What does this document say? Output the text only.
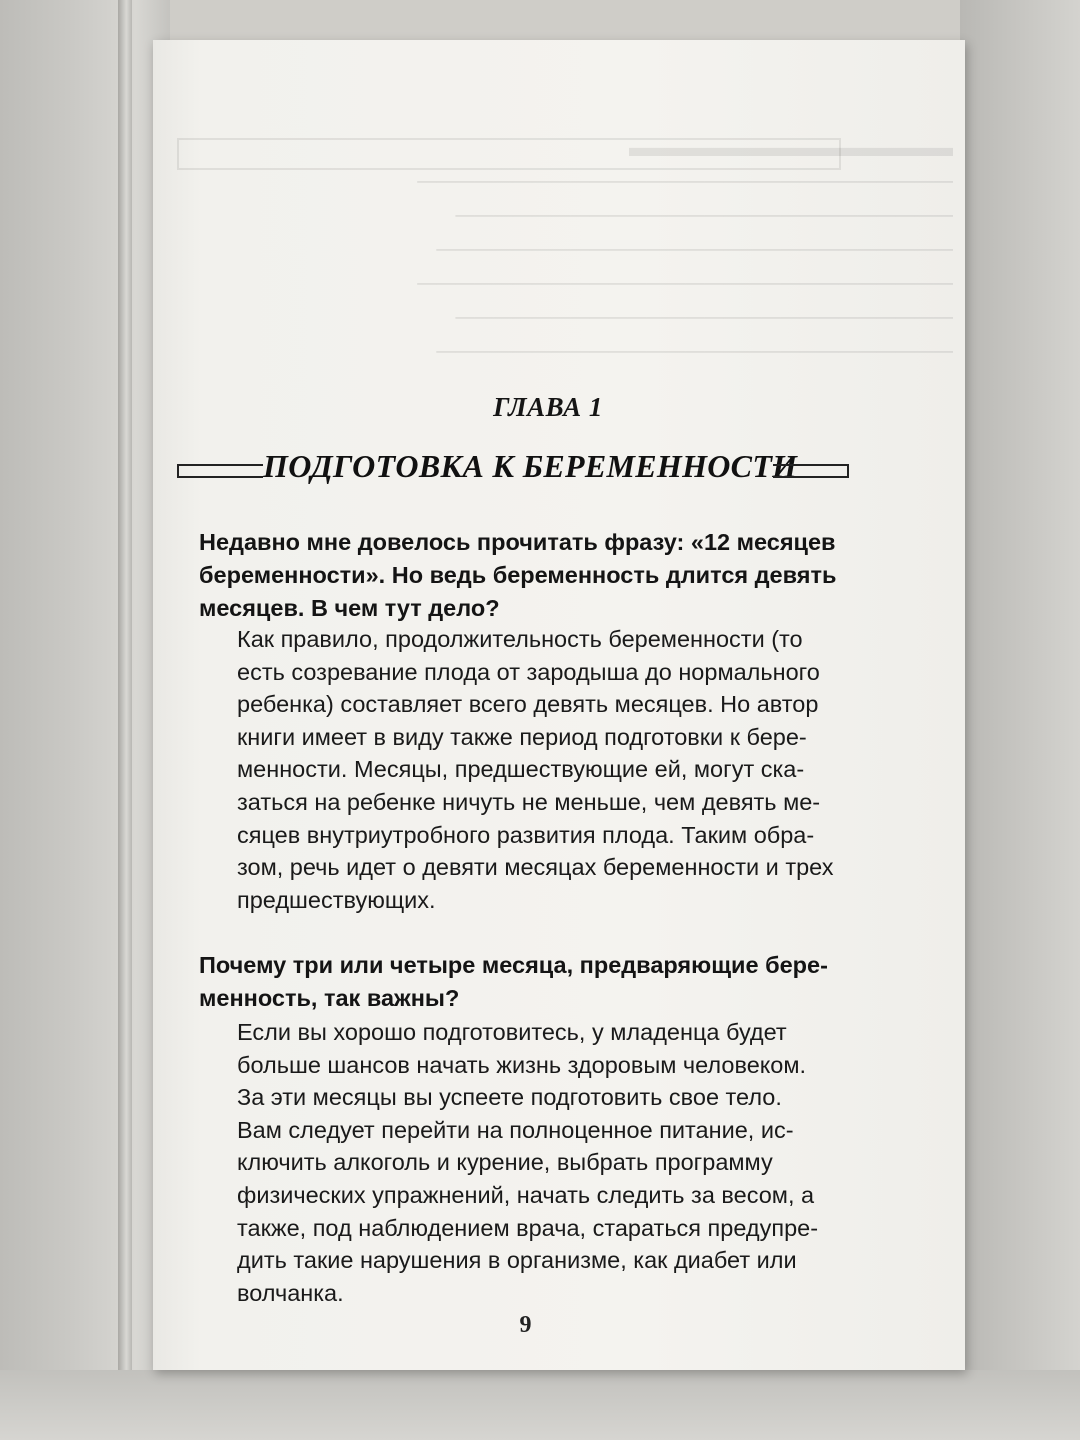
▬▬▬▬▬▬▬▬▬▬▬▬
────────────────────────────
──────────────────────────
───────────────────────────
────────────────────────────
──────────────────────────
───────────────────────────
ГЛАВА 1
ПОДГОТОВКА К БЕРЕМЕННОСТИ
Недавно мне довелось прочитать фразу: «12 месяцев
беременности». Но ведь беременность длится девять
месяцев. В чем тут дело?
Как правило, продолжительность беременности (то
есть созревание плода от зародыша до нормального
ребенка) составляет всего девять месяцев. Но автор
книги имеет в виду также период подготовки к бере-
менности. Месяцы, предшествующие ей, могут ска-
заться на ребенке ничуть не меньше, чем девять ме-
сяцев внутриутробного развития плода. Таким обра-
зом, речь идет о девяти месяцах беременности и трех
предшествующих.
Почему три или четыре месяца, предваряющие бере-
менность, так важны?
Если вы хорошо подготовитесь, у младенца будет
больше шансов начать жизнь здоровым человеком.
За эти месяцы вы успеете подготовить свое тело.
Вам следует перейти на полноценное питание, ис-
ключить алкоголь и курение, выбрать программу
физических упражнений, начать следить за весом, а
также, под наблюдением врача, стараться предупре-
дить такие нарушения в организме, как диабет или
волчанка.
9
